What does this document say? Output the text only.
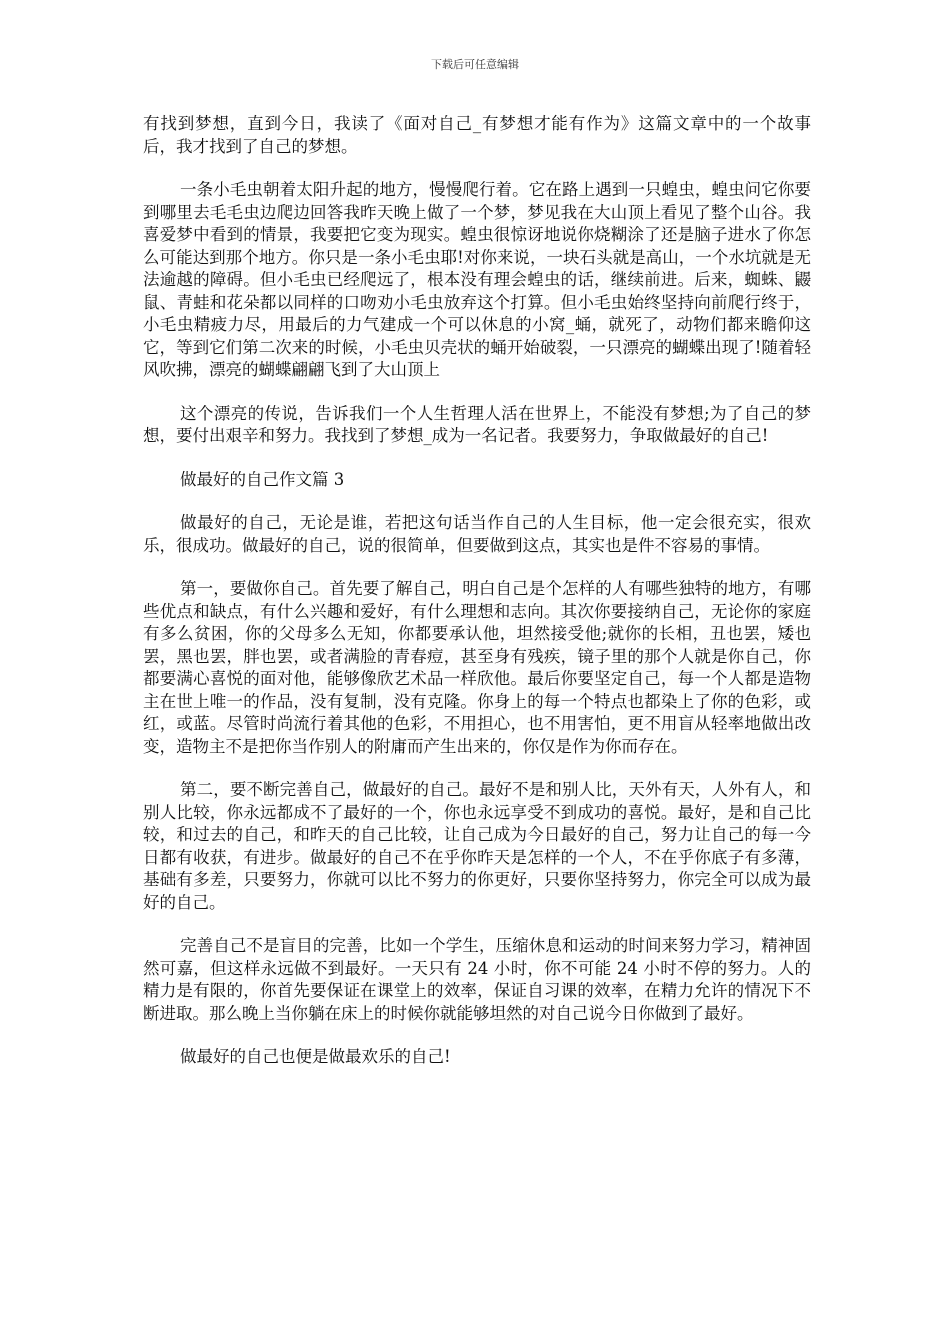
下载后可任意编辑

有找到梦想，直到今日，我读了《面对自己_有梦想才能有作为》这篇文章中的一个故事后，我才找到了自己的梦想。

一条小毛虫朝着太阳升起的地方，慢慢爬行着。它在路上遇到一只蝗虫，蝗虫问它你要到哪里去毛毛虫边爬边回答我昨天晚上做了一个梦，梦见我在大山顶上看见了整个山谷。我喜爱梦中看到的情景，我要把它变为现实。蝗虫很惊讶地说你烧糊涂了还是脑子进水了你怎么可能达到那个地方。你只是一条小毛虫耶!对你来说，一块石头就是高山，一个水坑就是无法逾越的障碍。但小毛虫已经爬远了，根本没有理会蝗虫的话，继续前进。后来，蜘蛛、鼹鼠、青蛙和花朵都以同样的口吻劝小毛虫放弃这个打算。但小毛虫始终坚持向前爬行终于，小毛虫精疲力尽，用最后的力气建成一个可以休息的小窝_蛹，就死了，动物们都来瞻仰这它，等到它们第二次来的时候，小毛虫贝壳状的蛹开始破裂，一只漂亮的蝴蝶出现了!随着轻风吹拂，漂亮的蝴蝶翩翩飞到了大山顶上

这个漂亮的传说，告诉我们一个人生哲理人活在世界上，不能没有梦想;为了自己的梦想，要付出艰辛和努力。我找到了梦想_成为一名记者。我要努力，争取做最好的自己!

做最好的自己作文篇 3

做最好的自己，无论是谁，若把这句话当作自己的人生目标，他一定会很充实，很欢乐，很成功。做最好的自己，说的很简单，但要做到这点，其实也是件不容易的事情。

第一，要做你自己。首先要了解自己，明白自己是个怎样的人有哪些独特的地方，有哪些优点和缺点，有什么兴趣和爱好，有什么理想和志向。其次你要接纳自己，无论你的家庭有多么贫困，你的父母多么无知，你都要承认他，坦然接受他;就你的长相，丑也罢，矮也罢，黑也罢，胖也罢，或者满脸的青春痘，甚至身有残疾，镜子里的那个人就是你自己，你都要满心喜悦的面对他，能够像欣艺术品一样欣他。最后你要坚定自己，每一个人都是造物主在世上唯一的作品，没有复制，没有克隆。你身上的每一个特点也都染上了你的色彩，或红，或蓝。尽管时尚流行着其他的色彩，不用担心，也不用害怕，更不用盲从轻率地做出改变，造物主不是把你当作别人的附庸而产生出来的，你仅是作为你而存在。

第二，要不断完善自己，做最好的自己。最好不是和别人比，天外有天，人外有人，和别人比较，你永远都成不了最好的一个，你也永远享受不到成功的喜悦。最好，是和自己比较，和过去的自己，和昨天的自己比较，让自己成为今日最好的自己，努力让自己的每一今日都有收获，有进步。做最好的自己不在乎你昨天是怎样的一个人，不在乎你底子有多薄，基础有多差，只要努力，你就可以比不努力的你更好，只要你坚持努力，你完全可以成为最好的自己。

完善自己不是盲目的完善，比如一个学生，压缩休息和运动的时间来努力学习，精神固然可嘉，但这样永远做不到最好。一天只有 24 小时，你不可能 24 小时不停的努力。人的精力是有限的，你首先要保证在课堂上的效率，保证自习课的效率，在精力允许的情况下不断进取。那么晚上当你躺在床上的时候你就能够坦然的对自己说今日你做到了最好。

做最好的自己也便是做最欢乐的自己!
